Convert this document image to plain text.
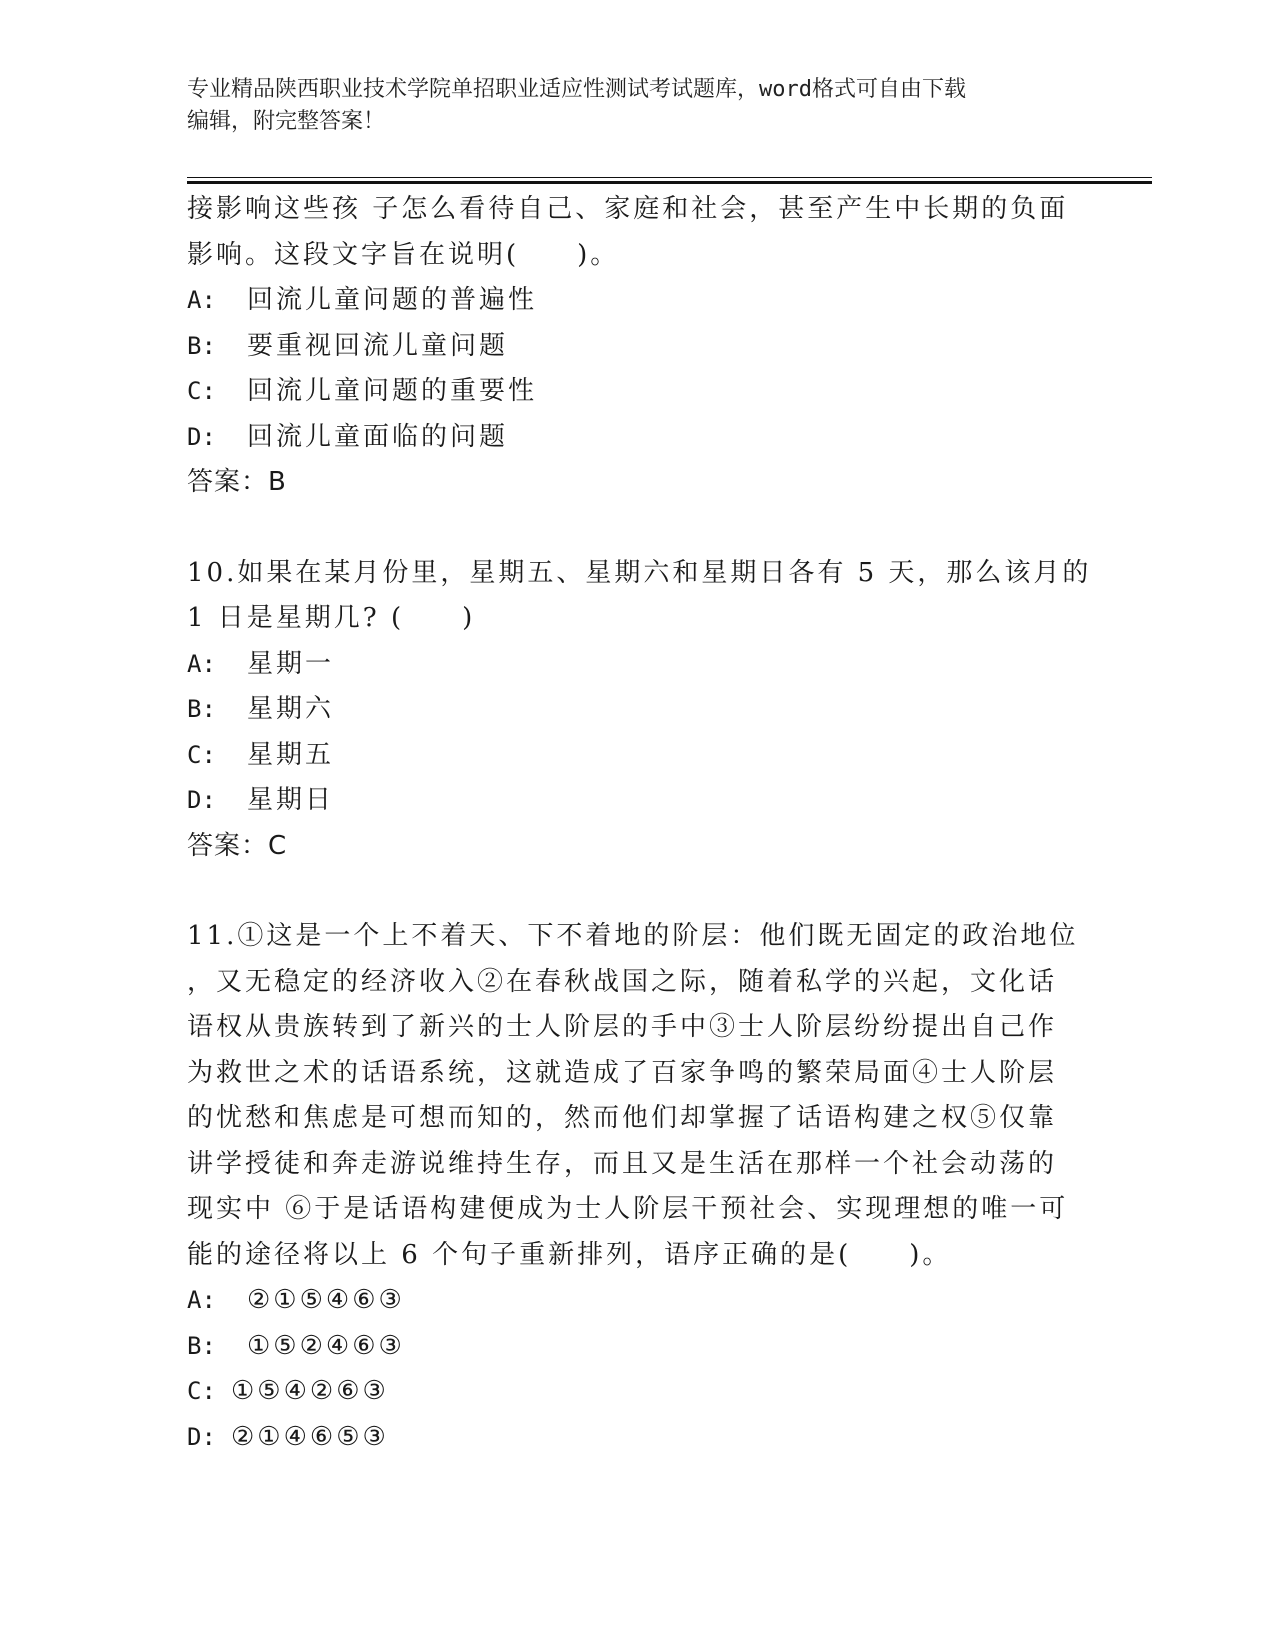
专业精品陕西职业技术学院单招职业适应性测试考试题库，word格式可自由下载
编辑，附完整答案！
接影响这些孩 子怎么看待自己、家庭和社会，甚至产生中长期的负面
影响。这段文字旨在说明(　　)。
A:	回流儿童问题的普遍性
B:	要重视回流儿童问题
C:	回流儿童问题的重要性
D:	回流儿童面临的问题
答案：B
10.如果在某月份里，星期五、星期六和星期日各有 5 天，那么该月的
1 日是星期几? (　　)
A:	星期一
B:	星期六
C:	星期五
D:	星期日
答案：C
11.①这是一个上不着天、下不着地的阶层：他们既无固定的政治地位
，又无稳定的经济收入②在春秋战国之际，随着私学的兴起，文化话
语权从贵族转到了新兴的士人阶层的手中③士人阶层纷纷提出自己作
为救世之术的话语系统，这就造成了百家争鸣的繁荣局面④士人阶层
的忧愁和焦虑是可想而知的，然而他们却掌握了话语构建之权⑤仅靠
讲学授徒和奔走游说维持生存，而且又是生活在那样一个社会动荡的
现实中 ⑥于是话语构建便成为士人阶层干预社会、实现理想的唯一可
能的途径将以上 6 个句子重新排列，语序正确的是(　　)。
A:	②①⑤④⑥③
B:	①⑤②④⑥③
C: ①⑤④②⑥③
D: ②①④⑥⑤③
